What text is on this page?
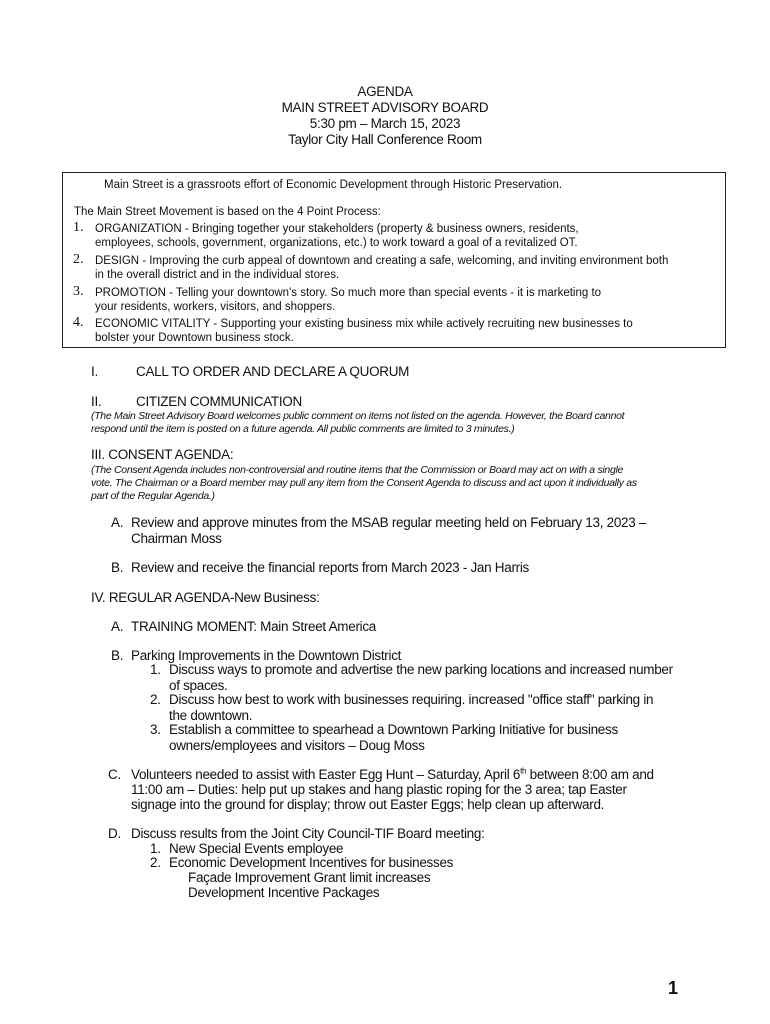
AGENDA
MAIN STREET ADVISORY BOARD
5:30 pm – March 15, 2023
Taylor City Hall Conference Room
Main Street is a grassroots effort of Economic Development through Historic Preservation.
The Main Street Movement is based on the 4 Point Process:
1. ORGANIZATION - Bringing together your stakeholders (property & business owners, residents,
employees, schools, government, organizations, etc.) to work toward a goal of a revitalized OT.
2. DESIGN - Improving the curb appeal of downtown and creating a safe, welcoming, and inviting environment both
in the overall district and in the individual stores.
3. PROMOTION - Telling your downtown's story. So much more than special events - it is marketing to
your residents, workers, visitors, and shoppers.
4. ECONOMIC VITALITY - Supporting your existing business mix while actively recruiting new businesses to
bolster your Downtown business stock.
I.	CALL TO ORDER AND DECLARE A QUORUM
II.	CITIZEN COMMUNICATION
(The Main Street Advisory Board welcomes public comment on items not listed on the agenda. However, the Board cannot
respond until the item is posted on a future agenda. All public comments are limited to 3 minutes.)
III. CONSENT AGENDA:
(The Consent Agenda includes non-controversial and routine items that the Commission or Board may act on with a single
vote. The Chairman or a Board member may pull any item from the Consent Agenda to discuss and act upon it individually as
part of the Regular Agenda.)
A. Review and approve minutes from the MSAB regular meeting held on February 13, 2023 –
Chairman Moss
B. Review and receive the financial reports from March 2023 - Jan Harris
IV. REGULAR AGENDA-New Business:
A. TRAINING MOMENT: Main Street America
B. Parking Improvements in the Downtown District
1. Discuss ways to promote and advertise the new parking locations and increased number
of spaces.
2. Discuss how best to work with businesses requiring. increased "office staff" parking in
the downtown.
3. Establish a committee to spearhead a Downtown Parking Initiative for business
owners/employees and visitors – Doug Moss
C. Volunteers needed to assist with Easter Egg Hunt – Saturday, April 6th between 8:00 am and
11:00 am – Duties: help put up stakes and hang plastic roping for the 3 area; tap Easter
signage into the ground for display; throw out Easter Eggs; help clean up afterward.
D. Discuss results from the Joint City Council-TIF Board meeting:
1. New Special Events employee
2. Economic Development Incentives for businesses
Façade Improvement Grant limit increases
Development Incentive Packages
1
